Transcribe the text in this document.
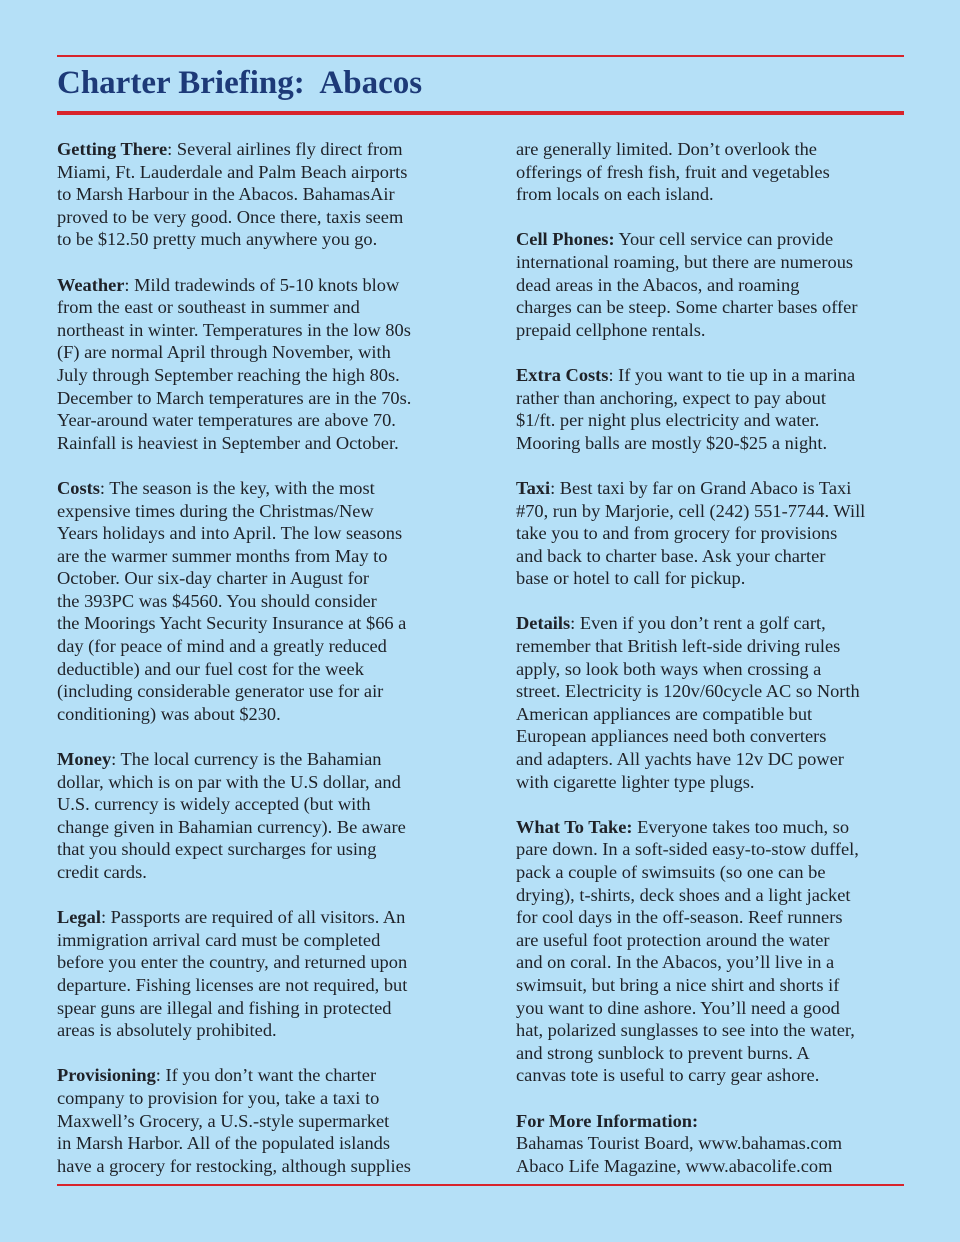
Charter Briefing:  Abacos

Getting There: Several airlines fly direct from
Miami, Ft. Lauderdale and Palm Beach airports
to Marsh Harbour in the Abacos. BahamasAir
proved to be very good. Once there, taxis seem
to be $12.50 pretty much anywhere you go.

Weather: Mild tradewinds of 5-10 knots blow
from the east or southeast in summer and
northeast in winter. Temperatures in the low 80s
(F) are normal April through November, with
July through September reaching the high 80s.
December to March temperatures are in the 70s.
Year-around water temperatures are above 70.
Rainfall is heaviest in September and October.

Costs: The season is the key, with the most
expensive times during the Christmas/New
Years holidays and into April. The low seasons
are the warmer summer months from May to
October. Our six-day charter in August for
the 393PC was $4560. You should consider
the Moorings Yacht Security Insurance at $66 a
day (for peace of mind and a greatly reduced
deductible) and our fuel cost for the week
(including considerable generator use for air
conditioning) was about $230.

Money: The local currency is the Bahamian
dollar, which is on par with the U.S dollar, and
U.S. currency is widely accepted (but with
change given in Bahamian currency). Be aware
that you should expect surcharges for using
credit cards.

Legal: Passports are required of all visitors. An
immigration arrival card must be completed
before you enter the country, and returned upon
departure. Fishing licenses are not required, but
spear guns are illegal and fishing in protected
areas is absolutely prohibited.

Provisioning: If you don’t want the charter
company to provision for you, take a taxi to
Maxwell’s Grocery, a U.S.-style supermarket
in Marsh Harbor. All of the populated islands
have a grocery for restocking, although supplies

are generally limited. Don’t overlook the
offerings of fresh fish, fruit and vegetables
from locals on each island.

Cell Phones: Your cell service can provide
international roaming, but there are numerous
dead areas in the Abacos, and roaming
charges can be steep. Some charter bases offer
prepaid cellphone rentals.

Extra Costs: If you want to tie up in a marina
rather than anchoring, expect to pay about
$1/ft. per night plus electricity and water.
Mooring balls are mostly $20-$25 a night.

Taxi: Best taxi by far on Grand Abaco is Taxi
#70, run by Marjorie, cell (242) 551-7744. Will
take you to and from grocery for provisions
and back to charter base. Ask your charter
base or hotel to call for pickup.

Details: Even if you don’t rent a golf cart,
remember that British left-side driving rules
apply, so look both ways when crossing a
street. Electricity is 120v/60cycle AC so North
American appliances are compatible but
European appliances need both converters
and adapters. All yachts have 12v DC power
with cigarette lighter type plugs.

What To Take: Everyone takes too much, so
pare down. In a soft-sided easy-to-stow duffel,
pack a couple of swimsuits (so one can be
drying), t-shirts, deck shoes and a light jacket
for cool days in the off-season. Reef runners
are useful foot protection around the water
and on coral. In the Abacos, you’ll live in a
swimsuit, but bring a nice shirt and shorts if
you want to dine ashore. You’ll need a good
hat, polarized sunglasses to see into the water,
and strong sunblock to prevent burns. A
canvas tote is useful to carry gear ashore.

For More Information:
Bahamas Tourist Board, www.bahamas.com
Abaco Life Magazine, www.abacolife.com
